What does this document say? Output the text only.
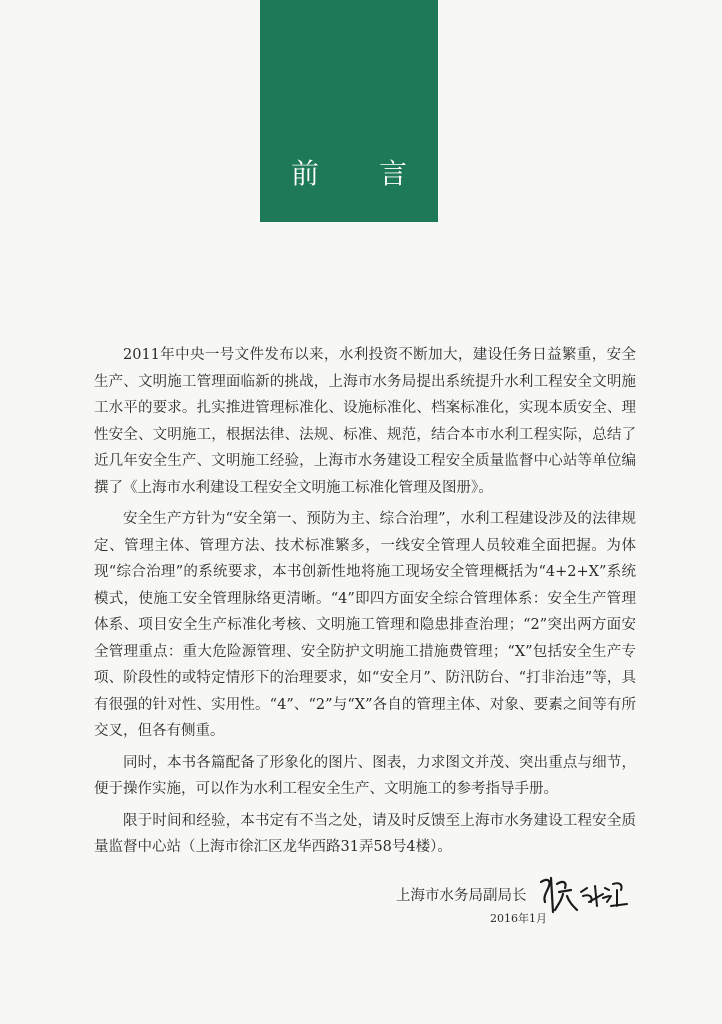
前 言

2011年中央一号文件发布以来，水利投资不断加大，建设任务日益繁重，安全生产、文明施工管理面临新的挑战，上海市水务局提出系统提升水利工程安全文明施工水平的要求。扎实推进管理标准化、设施标准化、档案标准化，实现本质安全、理性安全、文明施工，根据法律、法规、标准、规范，结合本市水利工程实际，总结了近几年安全生产、文明施工经验，上海市水务建设工程安全质量监督中心站等单位编撰了《上海市水利建设工程安全文明施工标准化管理及图册》。

安全生产方针为“安全第一、预防为主、综合治理”，水利工程建设涉及的法律规定、管理主体、管理方法、技术标准繁多，一线安全管理人员较难全面把握。为体现“综合治理”的系统要求，本书创新性地将施工现场安全管理概括为“4+2+X”系统模式，使施工安全管理脉络更清晰。“4”即四方面安全综合管理体系：安全生产管理体系、项目安全生产标准化考核、文明施工管理和隐患排查治理；“2”突出两方面安全管理重点：重大危险源管理、安全防护文明施工措施费管理；“X”包括安全生产专项、阶段性的或特定情形下的治理要求，如“安全月”、防汛防台、“打非治违”等，具有很强的针对性、实用性。“4”、“2”与“X”各自的管理主体、对象、要素之间等有所交叉，但各有侧重。

同时，本书各篇配备了形象化的图片、图表，力求图文并茂、突出重点与细节，便于操作实施，可以作为水利工程安全生产、文明施工的参考指导手册。

限于时间和经验，本书定有不当之处，请及时反馈至上海市水务建设工程安全质量监督中心站（上海市徐汇区龙华西路31弄58号4楼）。

上海市水务局副局长
2016年1月
